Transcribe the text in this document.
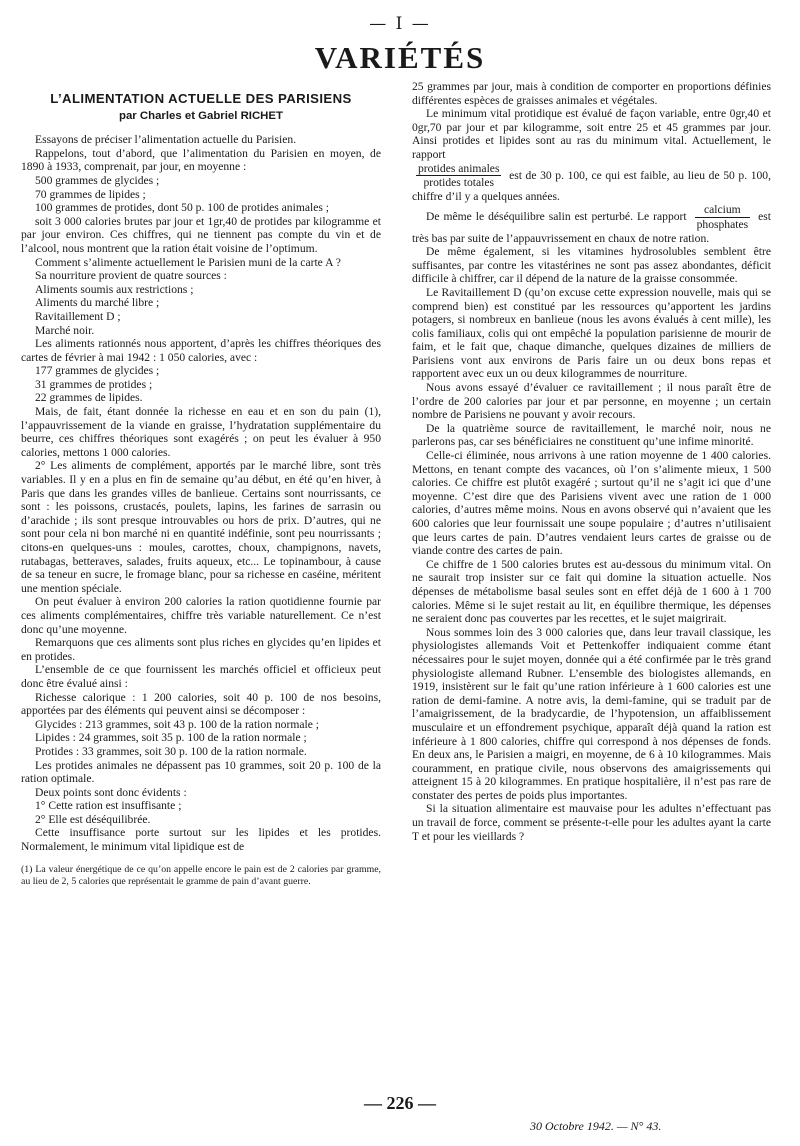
— I —
VARIÉTÉS
L’ALIMENTATION ACTUELLE DES PARISIENS
par Charles et Gabriel RICHET

Essayons de préciser l’alimentation actuelle du Parisien.

Rappelons, tout d’abord, que l’alimentation du Parisien en moyen, de 1890 à 1933, comprenait, par jour, en moyenne :

500 grammes de glycides ;

70 grammes de lipides ;

100 grammes de protides, dont 50 p. 100 de protides animales ;

soit 3 000 calories brutes par jour et 1gr,40 de protides par kilogramme et par jour environ. Ces chiffres, qui ne tiennent pas compte du vin et de l’alcool, nous montrent que la ration était voisine de l’optimum.

Comment s’alimente actuellement le Parisien muni de la carte A ?

Sa nourriture provient de quatre sources :

Aliments soumis aux restrictions ;

Aliments du marché libre ;

Ravitaillement D ;

Marché noir.

Les aliments rationnés nous apportent, d’après les chiffres théoriques des cartes de février à mai 1942 : 1 050 calories, avec :

177 grammes de glycides ;

31 grammes de protides ;

22 grammes de lipides.

Mais, de fait, étant donnée la richesse en eau et en son du pain (1), l’appauvrissement de la viande en graisse, l’hydratation supplémentaire du beurre, ces chiffres théoriques sont exagérés ; on peut les évaluer à 950 calories, mettons 1 000 calories.

2° Les aliments de complément, apportés par le marché libre, sont très variables. Il y en a plus en fin de semaine qu’au début, en été qu’en hiver, à Paris que dans les grandes villes de banlieue. Certains sont nourrissants, ce sont : les poissons, crustacés, poulets, lapins, les farines de sarrasin ou d’arachide ; ils sont presque introuvables ou hors de prix. D’autres, qui ne sont pour cela ni bon marché ni en quantité indéfinie, sont peu nourrissants ; citons-en quelques-uns : moules, carottes, choux, champignons, navets, rutabagas, betteraves, salades, fruits aqueux, etc... Le topinambour, à cause de sa teneur en sucre, le fromage blanc, pour sa richesse en caséine, méritent une mention spéciale.

On peut évaluer à environ 200 calories la ration quotidienne fournie par ces aliments complémentaires, chiffre très variable naturellement. Ce n’est donc qu’une moyenne.

Remarquons que ces aliments sont plus riches en glycides qu’en lipides et en protides.

L’ensemble de ce que fournissent les marchés officiel et officieux peut donc être évalué ainsi :

Richesse calorique : 1 200 calories, soit 40 p. 100 de nos besoins, apportées par des éléments qui peuvent ainsi se décomposer :

Glycides : 213 grammes, soit 43 p. 100 de la ration normale ;

Lipides : 24 grammes, soit 35 p. 100 de la ration normale ;

Protides : 33 grammes, soit 30 p. 100 de la ration normale.

Les protides animales ne dépassent pas 10 grammes, soit 20 p. 100 de la ration optimale.

Deux points sont donc évidents :

1° Cette ration est insuffisante ;

2° Elle est déséquilibrée.

Cette insuffisance porte surtout sur les lipides et les protides. Normalement, le minimum vital lipidique est de

(1) La valeur énergétique de ce qu’on appelle encore le pain est de 2 calories par gramme, au lieu de 2, 5 calories que représentait le gramme de pain d’avant guerre.

25 grammes par jour, mais à condition de comporter en proportions définies différentes espèces de graisses animales et végétales.

Le minimum vital protidique est évalué de façon variable, entre 0gr,40 et 0gr,70 par jour et par kilogramme, soit entre 25 et 45 grammes par jour. Ainsi protides et lipides sont au ras du minimum vital. Actuellement, le rapport

$\frac{\text{protides animales}}{\text{protides totales}}$ est de 30 p. 100, ce qui est faible, au lieu de 50 p. 100, chiffre d’il y a quelques années.

De même le déséquilibre salin est perturbé. Le rapport $\frac{\text{calcium}}{\text{phosphates}}$ est très bas par suite de l’appauvrissement en chaux de notre ration.

De même également, si les vitamines hydrosolubles semblent être suffisantes, par contre les vitastérines ne sont pas assez abondantes, déficit difficile à chiffrer, car il dépend de la nature de la graisse consommée.

Le Ravitaillement D (qu’on excuse cette expression nouvelle, mais qui se comprend bien) est constitué par les ressources qu’apportent les jardins potagers, si nombreux en banlieue (nous les avons évalués à cent mille), les colis familiaux, colis qui ont empêché la population parisienne de mourir de faim, et le fait que, chaque dimanche, quelques dizaines de milliers de Parisiens vont aux environs de Paris faire un ou deux bons repas et rapportent avec eux un ou deux kilogrammes de nourriture.

Nous avons essayé d’évaluer ce ravitaillement ; il nous paraît être de l’ordre de 200 calories par jour et par personne, en moyenne ; un certain nombre de Parisiens ne pouvant y avoir recours.

De la quatrième source de ravitaillement, le marché noir, nous ne parlerons pas, car ses bénéficiaires ne constituent qu’une infime minorité.

Celle-ci éliminée, nous arrivons à une ration moyenne de 1 400 calories. Mettons, en tenant compte des vacances, où l’on s’alimente mieux, 1 500 calories. Ce chiffre est plutôt exagéré ; surtout qu’il ne s’agit ici que d’une moyenne. C’est dire que des Parisiens vivent avec une ration de 1 000 calories, d’autres même moins. Nous en avons observé qui n’avaient que les 600 calories que leur fournissait une soupe populaire ; d’autres n’utilisaient que leurs cartes de pain. D’autres vendaient leurs cartes de graisse ou de viande contre des cartes de pain.

Ce chiffre de 1 500 calories brutes est au-dessous du minimum vital. On ne saurait trop insister sur ce fait qui domine la situation actuelle. Nos dépenses de métabolisme basal seules sont en effet déjà de 1 600 à 1 700 calories. Même si le sujet restait au lit, en équilibre thermique, les dépenses ne seraient donc pas couvertes par les recettes, et le sujet maigrirait.

Nous sommes loin des 3 000 calories que, dans leur travail classique, les physiologistes allemands Voit et Pettenkoffer indiquaient comme étant nécessaires pour le sujet moyen, donnée qui a été confirmée par le très grand physiologiste allemand Rubner. L’ensemble des biologistes allemands, en 1919, insistèrent sur le fait qu’une ration inférieure à 1 600 calories est une ration de demi-famine. A notre avis, la demi-famine, qui se traduit par de l’amaigrissement, de la bradycardie, de l’hypotension, un affaiblissement musculaire et un effondrement psychique, apparaît déjà quand la ration est inférieure à 1 800 calories, chiffre qui correspond à nos dépenses de fonds. En deux ans, le Parisien a maigri, en moyenne, de 6 à 10 kilogrammes. Mais couramment, en pratique civile, nous observons des amaigrissements qui atteignent 15 à 20 kilogrammes. En pratique hospitalière, il n’est pas rare de constater des pertes de poids plus importantes.

Si la situation alimentaire est mauvaise pour les adultes n’effectuant pas un travail de force, comment se présente-t-elle pour les adultes ayant la carte T et pour les vieillards ?

— 226 —
30 Octobre 1942. — N° 43.
